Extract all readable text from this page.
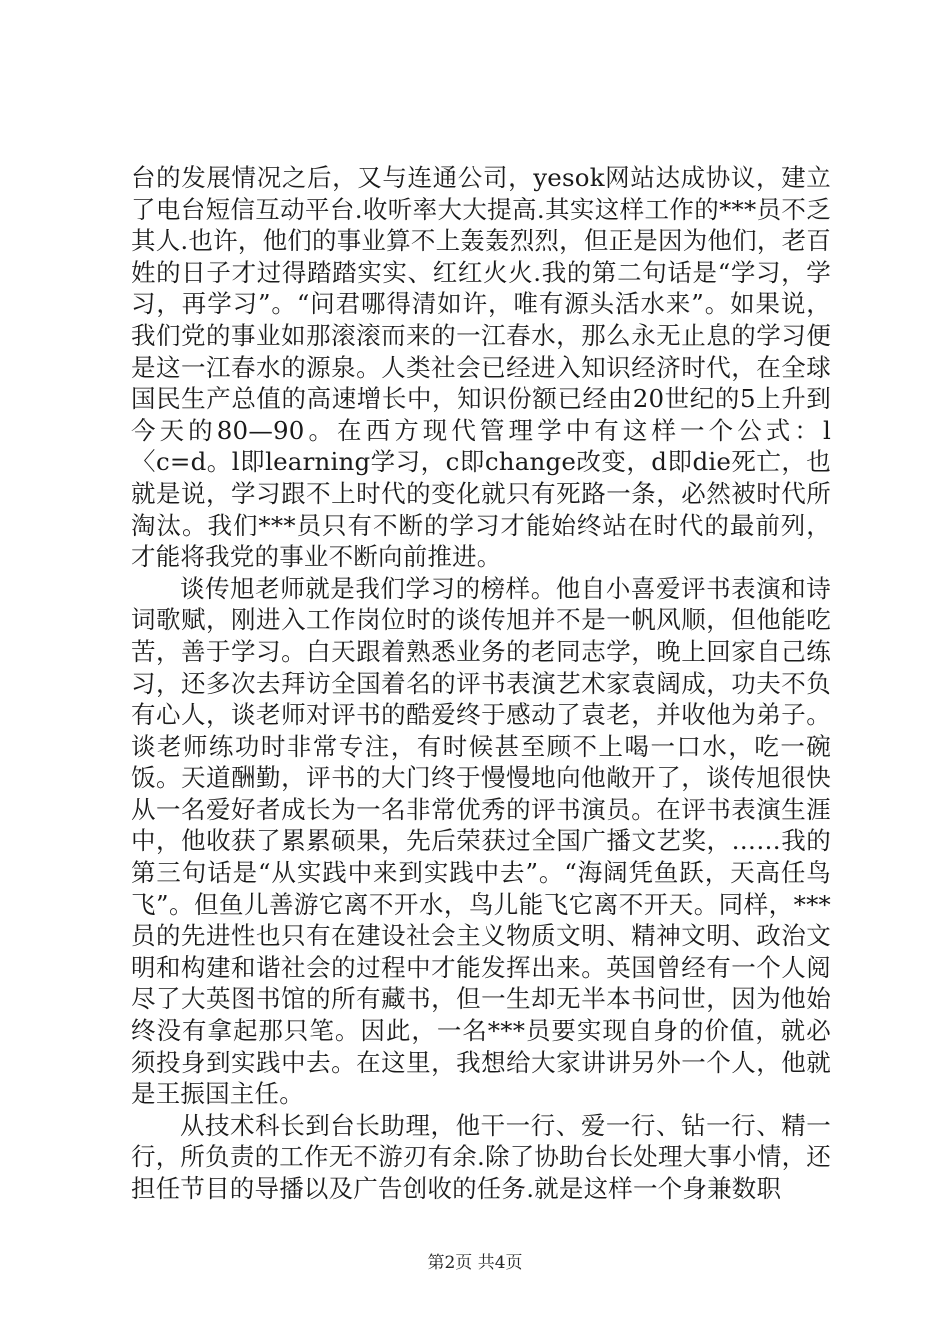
台的发展情况之后，又与连通公司，yesok网站达成协议，建立了电台短信互动平台.收听率大大提高.其实这样工作的***员不乏其人.也许，他们的事业算不上轰轰烈烈，但正是因为他们，老百姓的日子才过得踏踏实实、红红火火.我的第二句话是“学习，学习，再学习”。“问君哪得清如许，唯有源头活水来”。如果说，我们党的事业如那滚滚而来的一江春水，那么永无止息的学习便是这一江春水的源泉。人类社会已经进入知识经济时代，在全球国民生产总值的高速增长中，知识份额已经由20世纪的5上升到今天的80—90。在西方现代管理学中有这样一个公式：l〈c=d。l即learning学习，c即change改变，d即die死亡，也就是说，学习跟不上时代的变化就只有死路一条，必然被时代所淘汰。我们***员只有不断的学习才能始终站在时代的最前列，才能将我党的事业不断向前推进。

谈传旭老师就是我们学习的榜样。他自小喜爱评书表演和诗词歌赋，刚进入工作岗位时的谈传旭并不是一帆风顺，但他能吃苦，善于学习。白天跟着熟悉业务的老同志学，晚上回家自己练习，还多次去拜访全国着名的评书表演艺术家袁阔成，功夫不负有心人，谈老师对评书的酷爱终于感动了袁老，并收他为弟子。谈老师练功时非常专注，有时候甚至顾不上喝一口水，吃一碗饭。天道酬勤，评书的大门终于慢慢地向他敞开了，谈传旭很快从一名爱好者成长为一名非常优秀的评书演员。在评书表演生涯中，他收获了累累硕果，先后荣获过全国广播文艺奖，……我的第三句话是“从实践中来到实践中去”。“海阔凭鱼跃，天高任鸟飞”。但鱼儿善游它离不开水，鸟儿能飞它离不开天。同样，***员的先进性也只有在建设社会主义物质文明、精神文明、政治文明和构建和谐社会的过程中才能发挥出来。英国曾经有一个人阅尽了大英图书馆的所有藏书，但一生却无半本书问世，因为他始终没有拿起那只笔。因此，一名***员要实现自身的价值，就必须投身到实践中去。在这里，我想给大家讲讲另外一个人，他就是王振国主任。

从技术科长到台长助理，他干一行、爱一行、钻一行、精一行，所负责的工作无不游刃有余.除了协助台长处理大事小情，还担任节目的导播以及广告创收的任务.就是这样一个身兼数职

第2页 共4页
